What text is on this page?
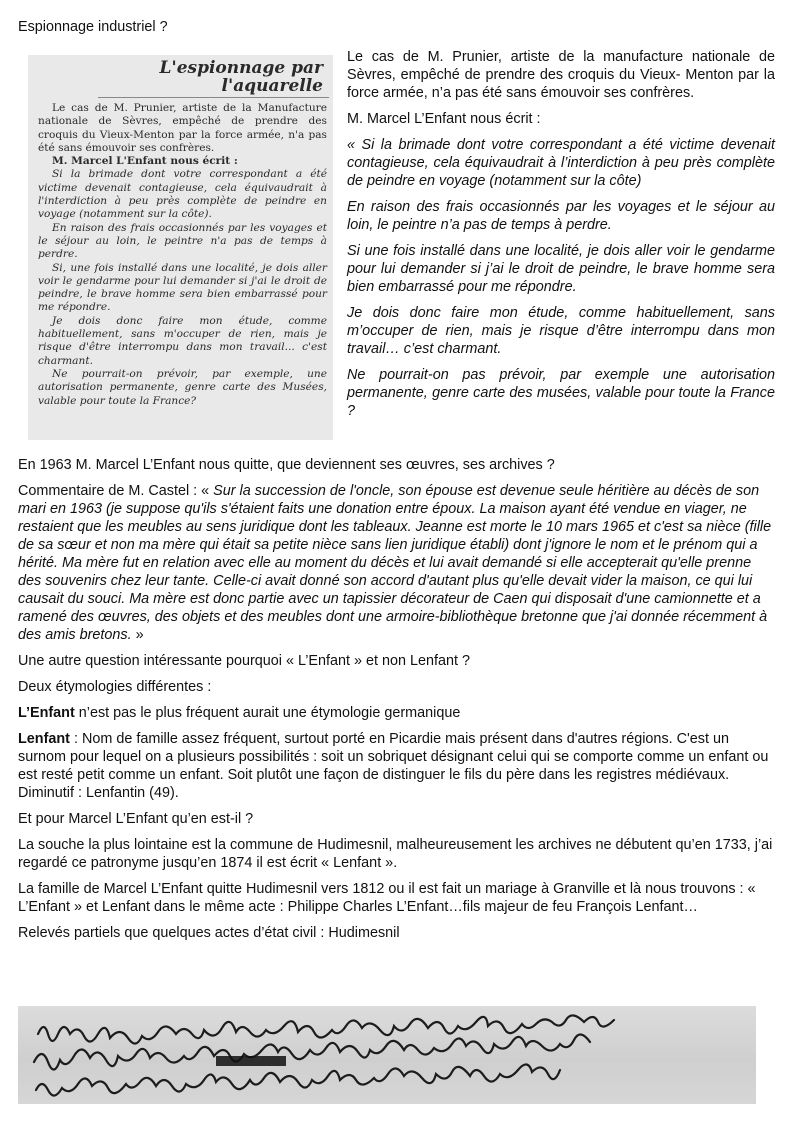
Espionnage industriel ?
L'espionnage par l'aquarelle

Le cas de M. Prunier, artiste de la Manufacture nationale de Sèvres, empêché de prendre des croquis du Vieux-Menton par la force armée, n'a pas été sans émouvoir ses confrères.

M. Marcel L'Enfant nous écrit :

Si la brimade dont votre correspondant a été victime devenait contagieuse, cela équivaudrait à l'interdiction à peu près complète de peindre en voyage (notamment sur la côte).

En raison des frais occasionnés par les voyages et le séjour au loin, le peintre n'a pas de temps à perdre.

Si, une fois installé dans une localité, je dois aller voir le gendarme pour lui demander si j'ai le droit de peindre, le brave homme sera bien embarrassé pour me répondre.

Je dois donc faire mon étude, comme habituellement, sans m'occuper de rien, mais je risque d'être interrompu dans mon travail... c'est charmant.

Ne pourrait-on prévoir, par exemple, une autorisation permanente, genre carte des Musées, valable pour toute la France?

Le cas de M. Prunier, artiste de la manufacture nationale de Sèvres, empêché de prendre des croquis du Vieux- Menton par la force armée, n’a pas été sans émouvoir ses confrères.

M. Marcel L’Enfant nous écrit :

« Si la brimade dont votre correspondant a été victime devenait contagieuse, cela équivaudrait à l’interdiction à peu près complète de peindre en voyage (notamment sur la côte)

En raison des frais occasionnés par les voyages et le séjour au loin, le peintre n’a pas de temps à perdre.

Si une fois installé dans une localité, je dois aller voir le gendarme pour lui demander si j’ai le droit de peindre, le brave homme sera bien embarrassé pour me répondre.

Je dois donc faire mon étude, comme habituellement, sans m’occuper de rien, mais je risque d’être interrompu dans mon travail… c’est charmant.

Ne pourrait-on pas prévoir, par exemple une autorisation permanente, genre carte des musées, valable pour toute la France ?

En 1963 M. Marcel L’Enfant nous quitte, que deviennent ses œuvres, ses archives ?

Commentaire de M. Castel : « Sur la succession de l'oncle, son épouse est devenue seule héritière au décès de son mari en 1963 (je suppose qu'ils s'étaient faits une donation entre époux. La maison ayant été vendue en viager, ne restaient que les meubles au sens juridique dont les tableaux. Jeanne est morte le 10 mars 1965 et c'est sa nièce (fille de sa sœur et non ma mère qui était sa petite nièce sans lien juridique établi) dont j'ignore le nom et le prénom qui a hérité. Ma mère fut en relation avec elle au moment du décès et lui avait demandé si elle accepterait qu'elle prenne des souvenirs chez leur tante. Celle-ci avait donné son accord d'autant plus qu'elle devait vider la maison, ce qui lui causait du souci. Ma mère est donc partie avec un tapissier décorateur de Caen qui disposait d'une camionnette et a ramené des œuvres, des objets et des meubles dont une armoire-bibliothèque bretonne que j'ai donnée récemment à des amis bretons. »

Une autre question intéressante pourquoi « L’Enfant » et non Lenfant ?

Deux étymologies différentes :

L’Enfant n’est pas le plus fréquent aurait une étymologie germanique

Lenfant : Nom de famille assez fréquent, surtout porté en Picardie mais présent dans d'autres régions. C'est un surnom pour lequel on a plusieurs possibilités : soit un sobriquet désignant celui qui se comporte comme un enfant ou est resté petit comme un enfant. Soit plutôt une façon de distinguer le fils du père dans les registres médiévaux. Diminutif : Lenfantin (49).

Et pour Marcel L’Enfant qu’en est-il ?

La souche la plus lointaine est la commune de Hudimesnil, malheureusement les archives ne débutent qu’en 1733, j’ai regardé ce patronyme jusqu’en 1874 il est écrit « Lenfant ».

La famille de Marcel L’Enfant quitte Hudimesnil vers 1812 ou il est fait un mariage à Granville et là nous trouvons : « L’Enfant » et Lenfant dans le même acte : Philippe Charles L’Enfant…fils majeur de feu François Lenfant…

Relevés partiels que quelques actes d’état civil : Hudimesnil
